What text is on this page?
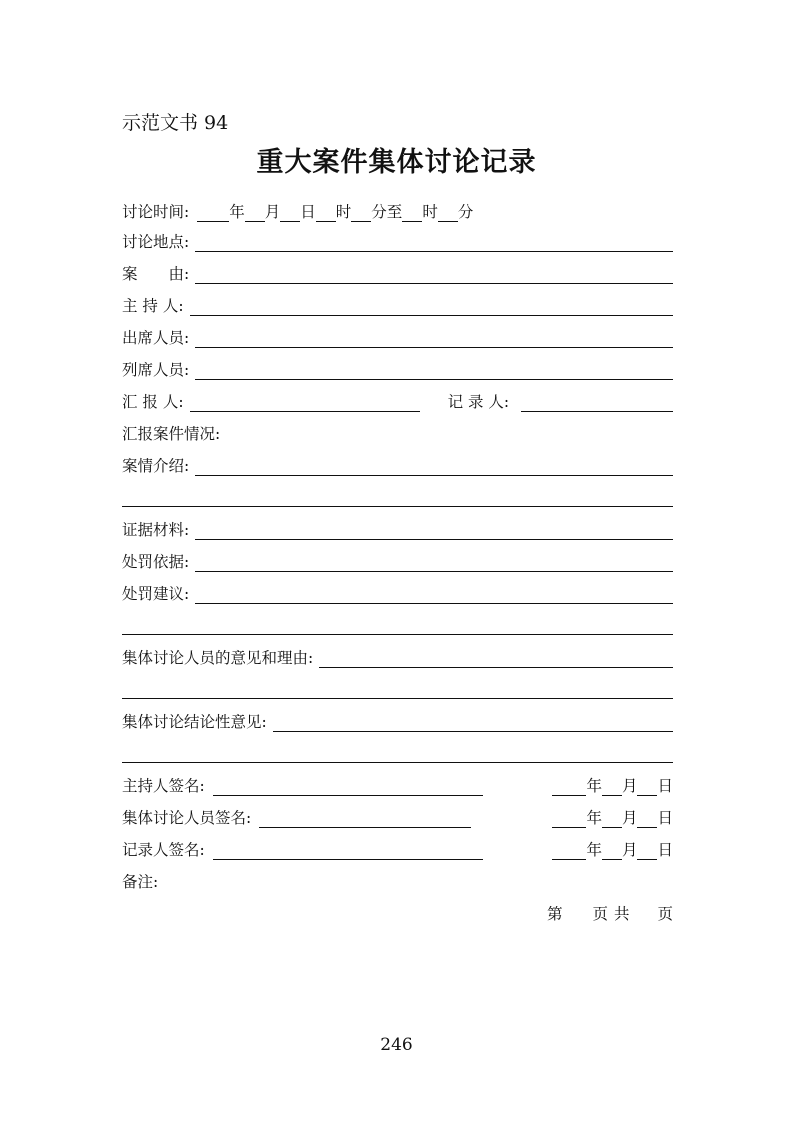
示范文书 94
重大案件集体讨论记录
讨论时间:	年 月 日 时 分至 时 分
讨论地点:
案　　由:
主 持 人:
出席人员:
列席人员:
汇 报 人:	记 录 人:
汇报案件情况:
案情介绍:
证据材料:
处罚依据:
处罚建议:
集体讨论人员的意见和理由:
集体讨论结论性意见:
主持人签名:	年 月 日
集体讨论人员签名:	年 月 日
记录人签名:	年 月 日
备注:
第 页共 页
246
